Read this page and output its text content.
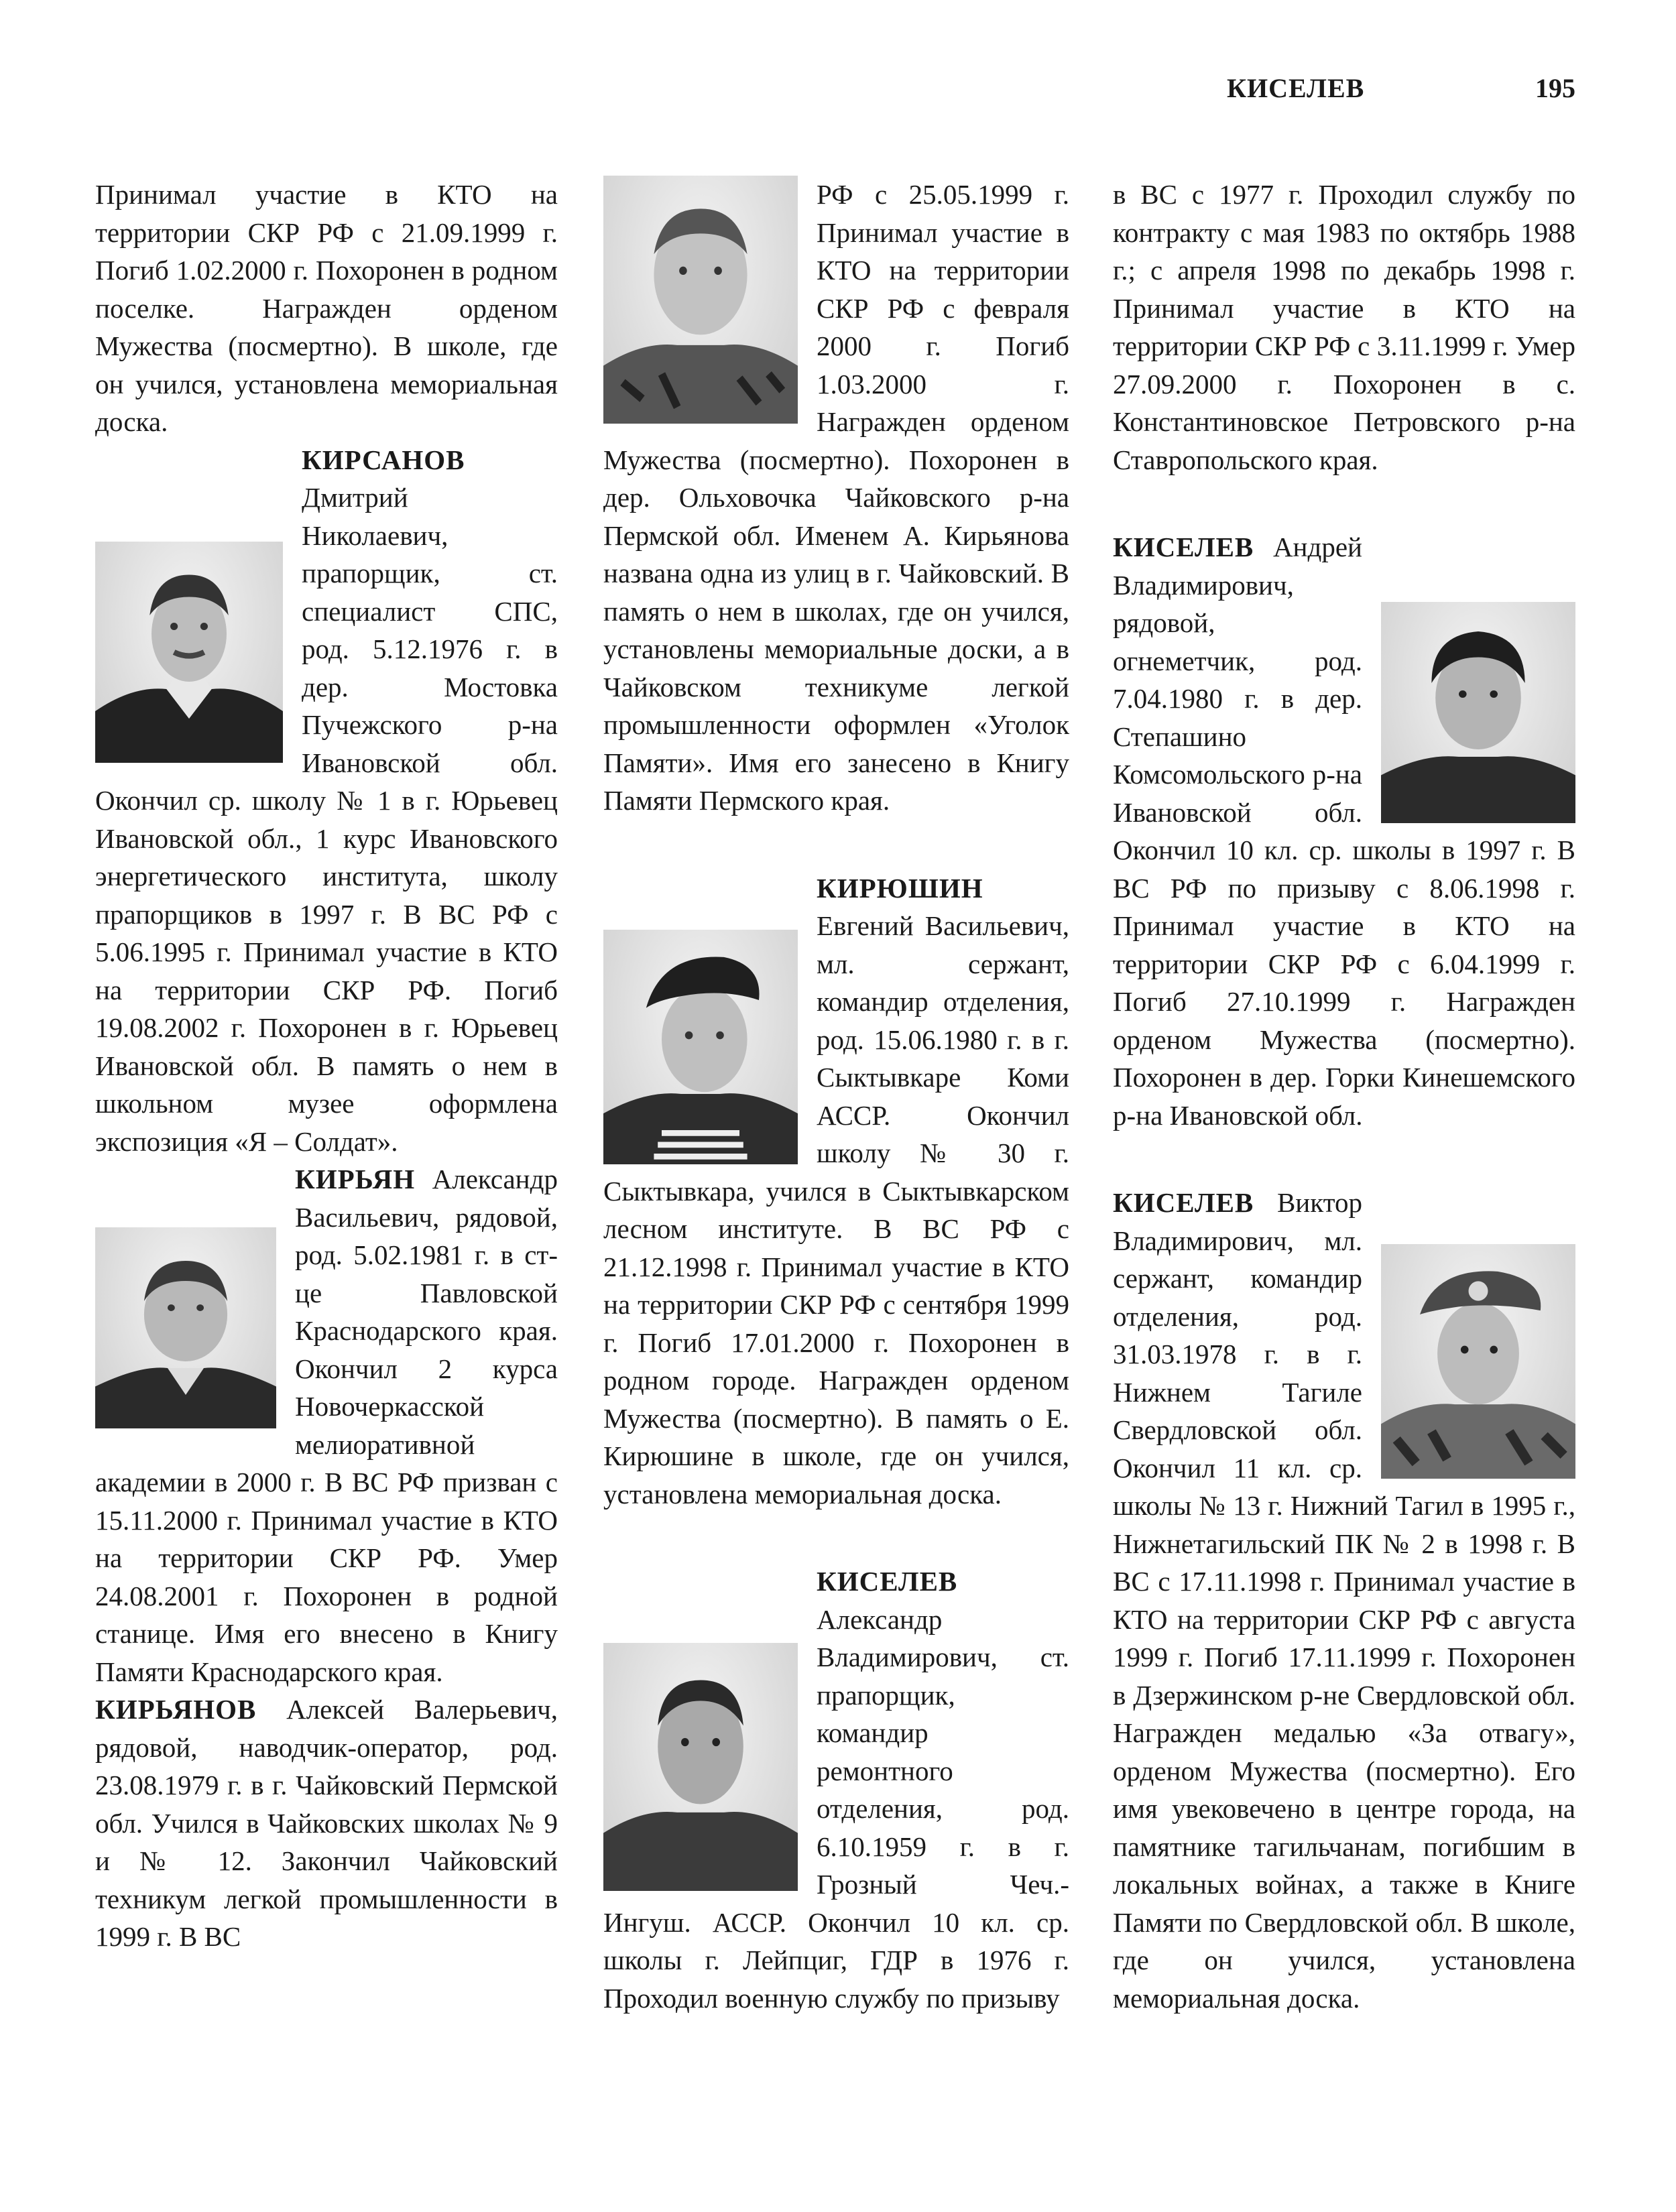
КИСЕЛЕВ	195

Принимал участие в КТО на территории СКР РФ с 21.09.1999 г. Погиб 1.02.2000 г. Похоронен в родном поселке. Награжден орденом Мужества (посмертно). В школе, где он учился, установлена мемориальная доска.

КИРСАНОВ Дмитрий Николаевич, прапорщик, ст. специалист СПС, род. 5.12.1976 г. в дер. Мостовка Пучежского р-на Ивановской обл. Окончил ср. школу № 1 в г. Юрьевец Ивановской обл., 1 курс Ивановского энергетического института, школу прапорщиков в 1997 г. В ВС РФ с 5.06.1995 г. Принимал участие в КТО на территории СКР РФ. Погиб 19.08.2002 г. Похоронен в г. Юрьевец Ивановской обл. В память о нем в школьном музее оформлена экспозиция «Я – Солдат».

КИРЬЯН Александр Васильевич, рядовой, род. 5.02.1981 г. в ст-це Павловской Краснодарского края. Окончил 2 курса Новочеркасской мелиоративной академии в 2000 г. В ВС РФ призван с 15.11.2000 г. Принимал участие в КТО на территории СКР РФ. Умер 24.08.2001 г. Похоронен в родной станице. Имя его внесено в Книгу Памяти Краснодарского края.

КИРЬЯНОВ Алексей Валерьевич, рядовой, наводчик-оператор, род. 23.08.1979 г. в г. Чайковский Пермской обл. Учился в Чайковских школах № 9 и № 12. Закончил Чайковский техникум легкой промышленности в 1999 г. В ВС

РФ с 25.05.1999 г. Принимал участие в КТО на территории СКР РФ с февраля 2000 г. Погиб 1.03.2000 г. Награжден орденом Мужества (посмертно). Похоронен в дер. Ольховочка Чайковского р-на Пермской обл. Именем А. Кирьянова названа одна из улиц в г. Чайковский. В память о нем в школах, где он учился, установлены мемориальные доски, а в Чайковском техникуме легкой промышленности оформлен «Уголок Памяти». Имя его занесено в Книгу Памяти Пермского края.

КИРЮШИН Евгений Васильевич, мл. сержант, командир отделения, род. 15.06.1980 г. в г. Сыктывкаре Коми АССР. Окончил школу № 30 г. Сыктывкара, учился в Сыктывкарском лесном институте. В ВС РФ с 21.12.1998 г. Принимал участие в КТО на территории СКР РФ с сентября 1999 г. Погиб 17.01.2000 г. Похоронен в родном городе. Награжден орденом Мужества (посмертно). В память о Е. Кирюшине в школе, где он учился, установлена мемориальная доска.

КИСЕЛЕВ Александр Владимирович, ст. прапорщик, командир ремонтного отделения, род. 6.10.1959 г. в г. Грозный Чеч.-Ингуш. АССР. Окончил 10 кл. ср. школы г. Лейпциг, ГДР в 1976 г. Проходил военную службу по призыву

в ВС с 1977 г. Проходил службу по контракту с мая 1983 по октябрь 1988 г.; с апреля 1998 по декабрь 1998 г. Принимал участие в КТО на территории СКР РФ с 3.11.1999 г. Умер 27.09.2000 г. Похоронен в с. Константиновское Петровского р-на Ставропольского края.

КИСЕЛЕВ Андрей Владимирович, рядовой, огнеметчик, род. 7.04.1980 г. в дер. Степашино Комсомольского р-на Ивановской обл. Окончил 10 кл. ср. школы в 1997 г. В ВС РФ по призыву с 8.06.1998 г. Принимал участие в КТО на территории СКР РФ с 6.04.1999 г. Погиб 27.10.1999 г. Награжден орденом Мужества (посмертно). Похоронен в дер. Горки Кинешемского р-на Ивановской обл.

КИСЕЛЕВ Виктор Владимирович, мл. сержант, командир отделения, род. 31.03.1978 г. в г. Нижнем Тагиле Свердловской обл. Окончил 11 кл. ср. школы № 13 г. Нижний Тагил в 1995 г., Нижнетагильский ПК № 2 в 1998 г. В ВС с 17.11.1998 г. Принимал участие в КТО на территории СКР РФ с августа 1999 г. Погиб 17.11.1999 г. Похоронен в Дзержинском р-не Свердловской обл. Награжден медалью «За отвагу», орденом Мужества (посмертно). Его имя увековечено в центре города, на памятнике тагильчанам, погибшим в локальных войнах, а также в Книге Памяти по Свердловской обл. В школе, где он учился, установлена мемориальная доска.
